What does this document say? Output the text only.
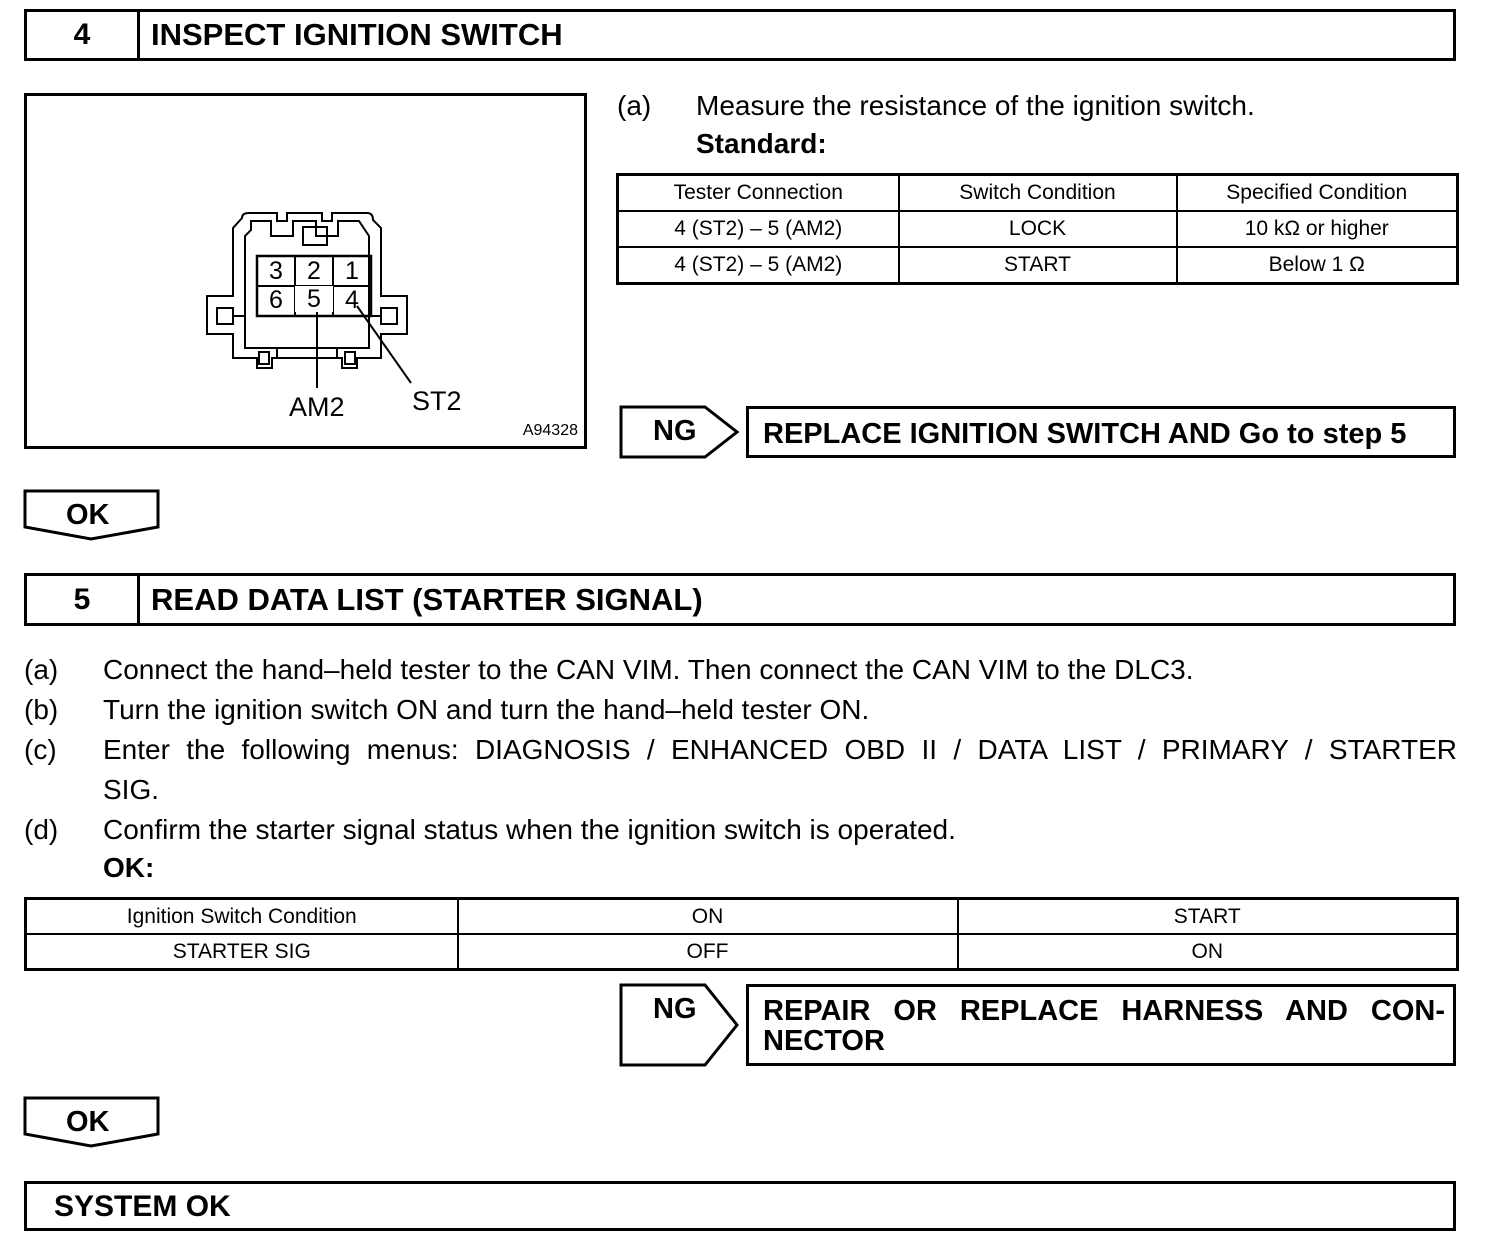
4	INSPECT IGNITION SWITCH
3 2 1
6 5 4
AM2 ST2
A94328
(a) Measure the resistance of the ignition switch.
Standard:
Tester Connection	Switch Condition	Specified Condition
4 (ST2) – 5 (AM2)	LOCK	10 kΩ or higher
4 (ST2) – 5 (AM2)	START	Below 1 Ω
NG REPLACE IGNITION SWITCH AND Go to step 5
OK
5	READ DATA LIST (STARTER SIGNAL)
(a) Connect the hand–held tester to the CAN VIM. Then connect the CAN VIM to the DLC3.
(b) Turn the ignition switch ON and turn the hand–held tester ON.
(c) Enter the following menus: DIAGNOSIS / ENHANCED OBD II / DATA LIST / PRIMARY / STARTER
SIG.
(d) Confirm the starter signal status when the ignition switch is operated.
OK:
Ignition Switch Condition	ON	START
STARTER SIG	OFF	ON
NG REPAIR OR REPLACE HARNESS AND CON-
NECTOR
OK
SYSTEM OK
